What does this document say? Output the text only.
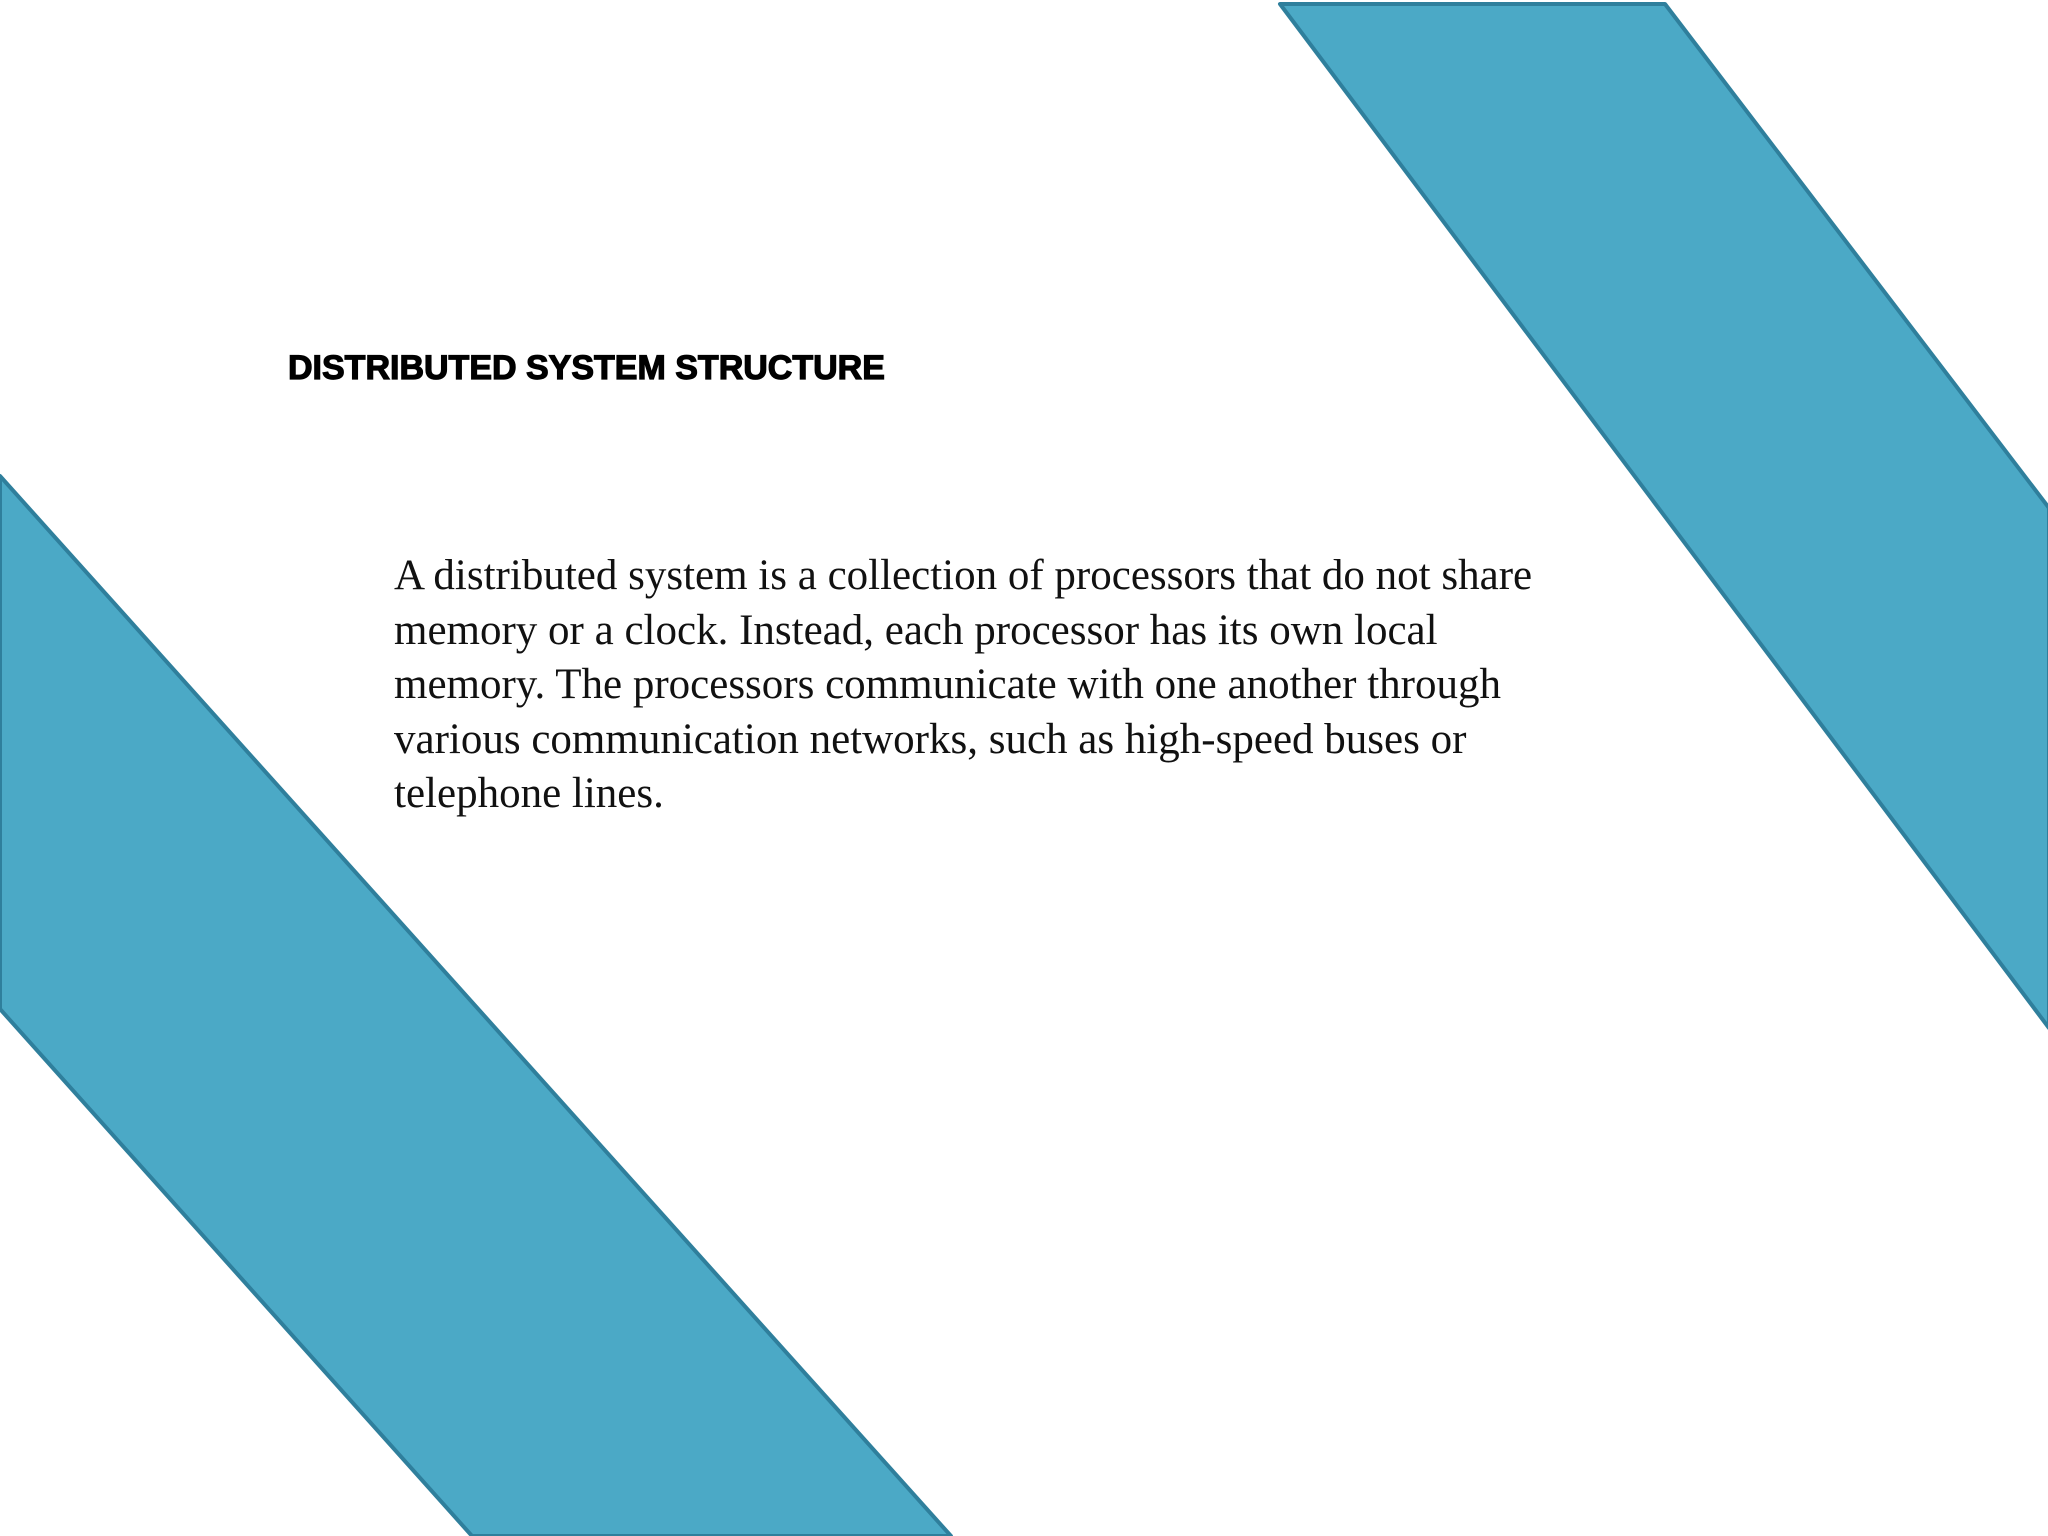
DISTRIBUTED SYSTEM STRUCTURE
A distributed system is a collection of processors that do not share
memory or a clock. Instead, each processor has its own local
memory. The processors communicate with one another through
various communication networks, such as high-speed buses or
telephone lines.
